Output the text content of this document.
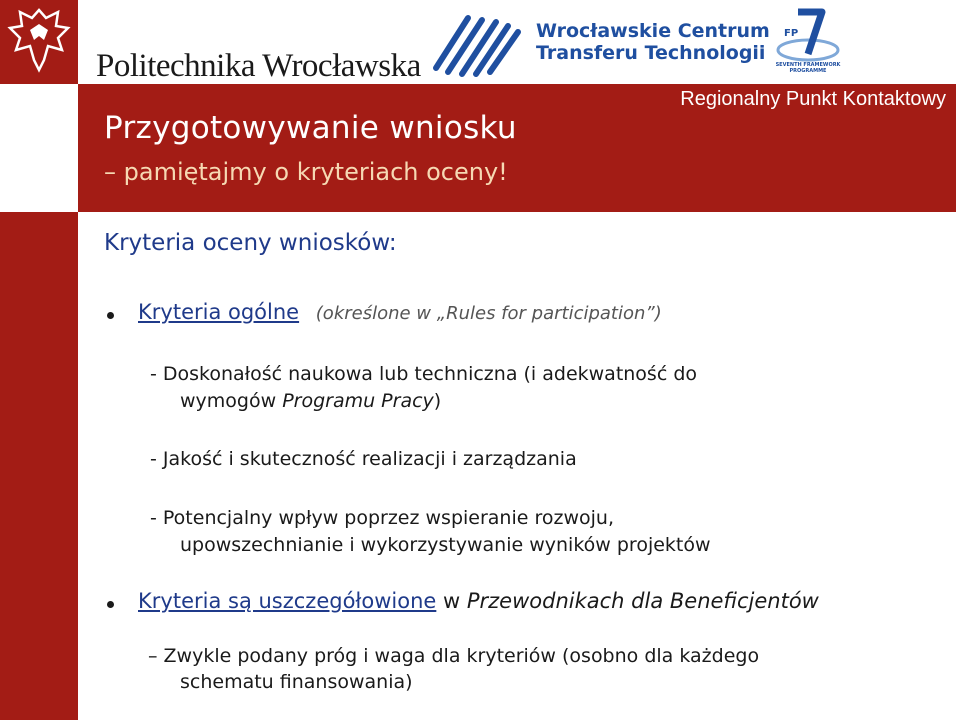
Politechnika Wrocławska
Wrocławskie Centrum
Transferu Technologii
FP
SEVENTH FRAMEWORK
PROGRAMME
Regionalny Punkt Kontaktowy
Przygotowywanie wniosku
– pamiętajmy o kryteriach oceny!
Kryteria oceny wniosków:
Kryteria ogólne (określone w „Rules for participation”)
- Doskonałość naukowa lub techniczna (i adekwatność do
wymogów Programu Pracy)
- Jakość i skuteczność realizacji i zarządzania
- Potencjalny wpływ poprzez wspieranie rozwoju,
upowszechnianie i wykorzystywanie wyników projektów
Kryteria są uszczegółowione w Przewodnikach dla Beneficjentów
– Zwykle podany próg i waga dla kryteriów (osobno dla każdego
schematu finansowania)
